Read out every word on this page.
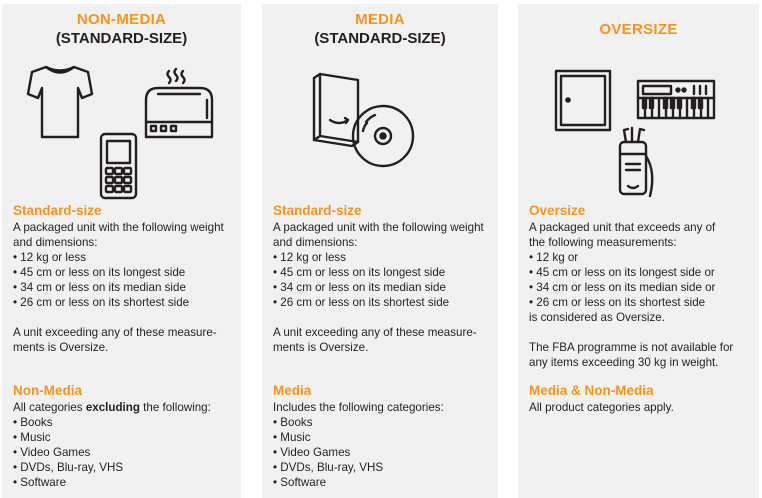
NON-MEDIA
(STANDARD-SIZE)
Standard-size
A packaged unit with the following weight
and dimensions:
• 12 kg or less
• 45 cm or less on its longest side
• 34 cm or less on its median side
• 26 cm or less on its shortest side
A unit exceeding any of these measure-
ments is Oversize.
Non-Media
All categories excluding the following:
• Books
• Music
• Video Games
• DVDs, Blu-ray, VHS
• Software
MEDIA
(STANDARD-SIZE)
Standard-size
A packaged unit with the following weight
and dimensions:
• 12 kg or less
• 45 cm or less on its longest side
• 34 cm or less on its median side
• 26 cm or less on its shortest side
A unit exceeding any of these measure-
ments is Oversize.
Media
Includes the following categories:
• Books
• Music
• Video Games
• DVDs, Blu-ray, VHS
• Software
OVERSIZE
Oversize
A packaged unit that exceeds any of
the following measurements:
• 12 kg or
• 45 cm or less on its longest side or
• 34 cm or less on its median side or
• 26 cm or less on its shortest side
is considered as Oversize.
The FBA programme is not available for
any items exceeding 30 kg in weight.
Media & Non-Media
All product categories apply.
